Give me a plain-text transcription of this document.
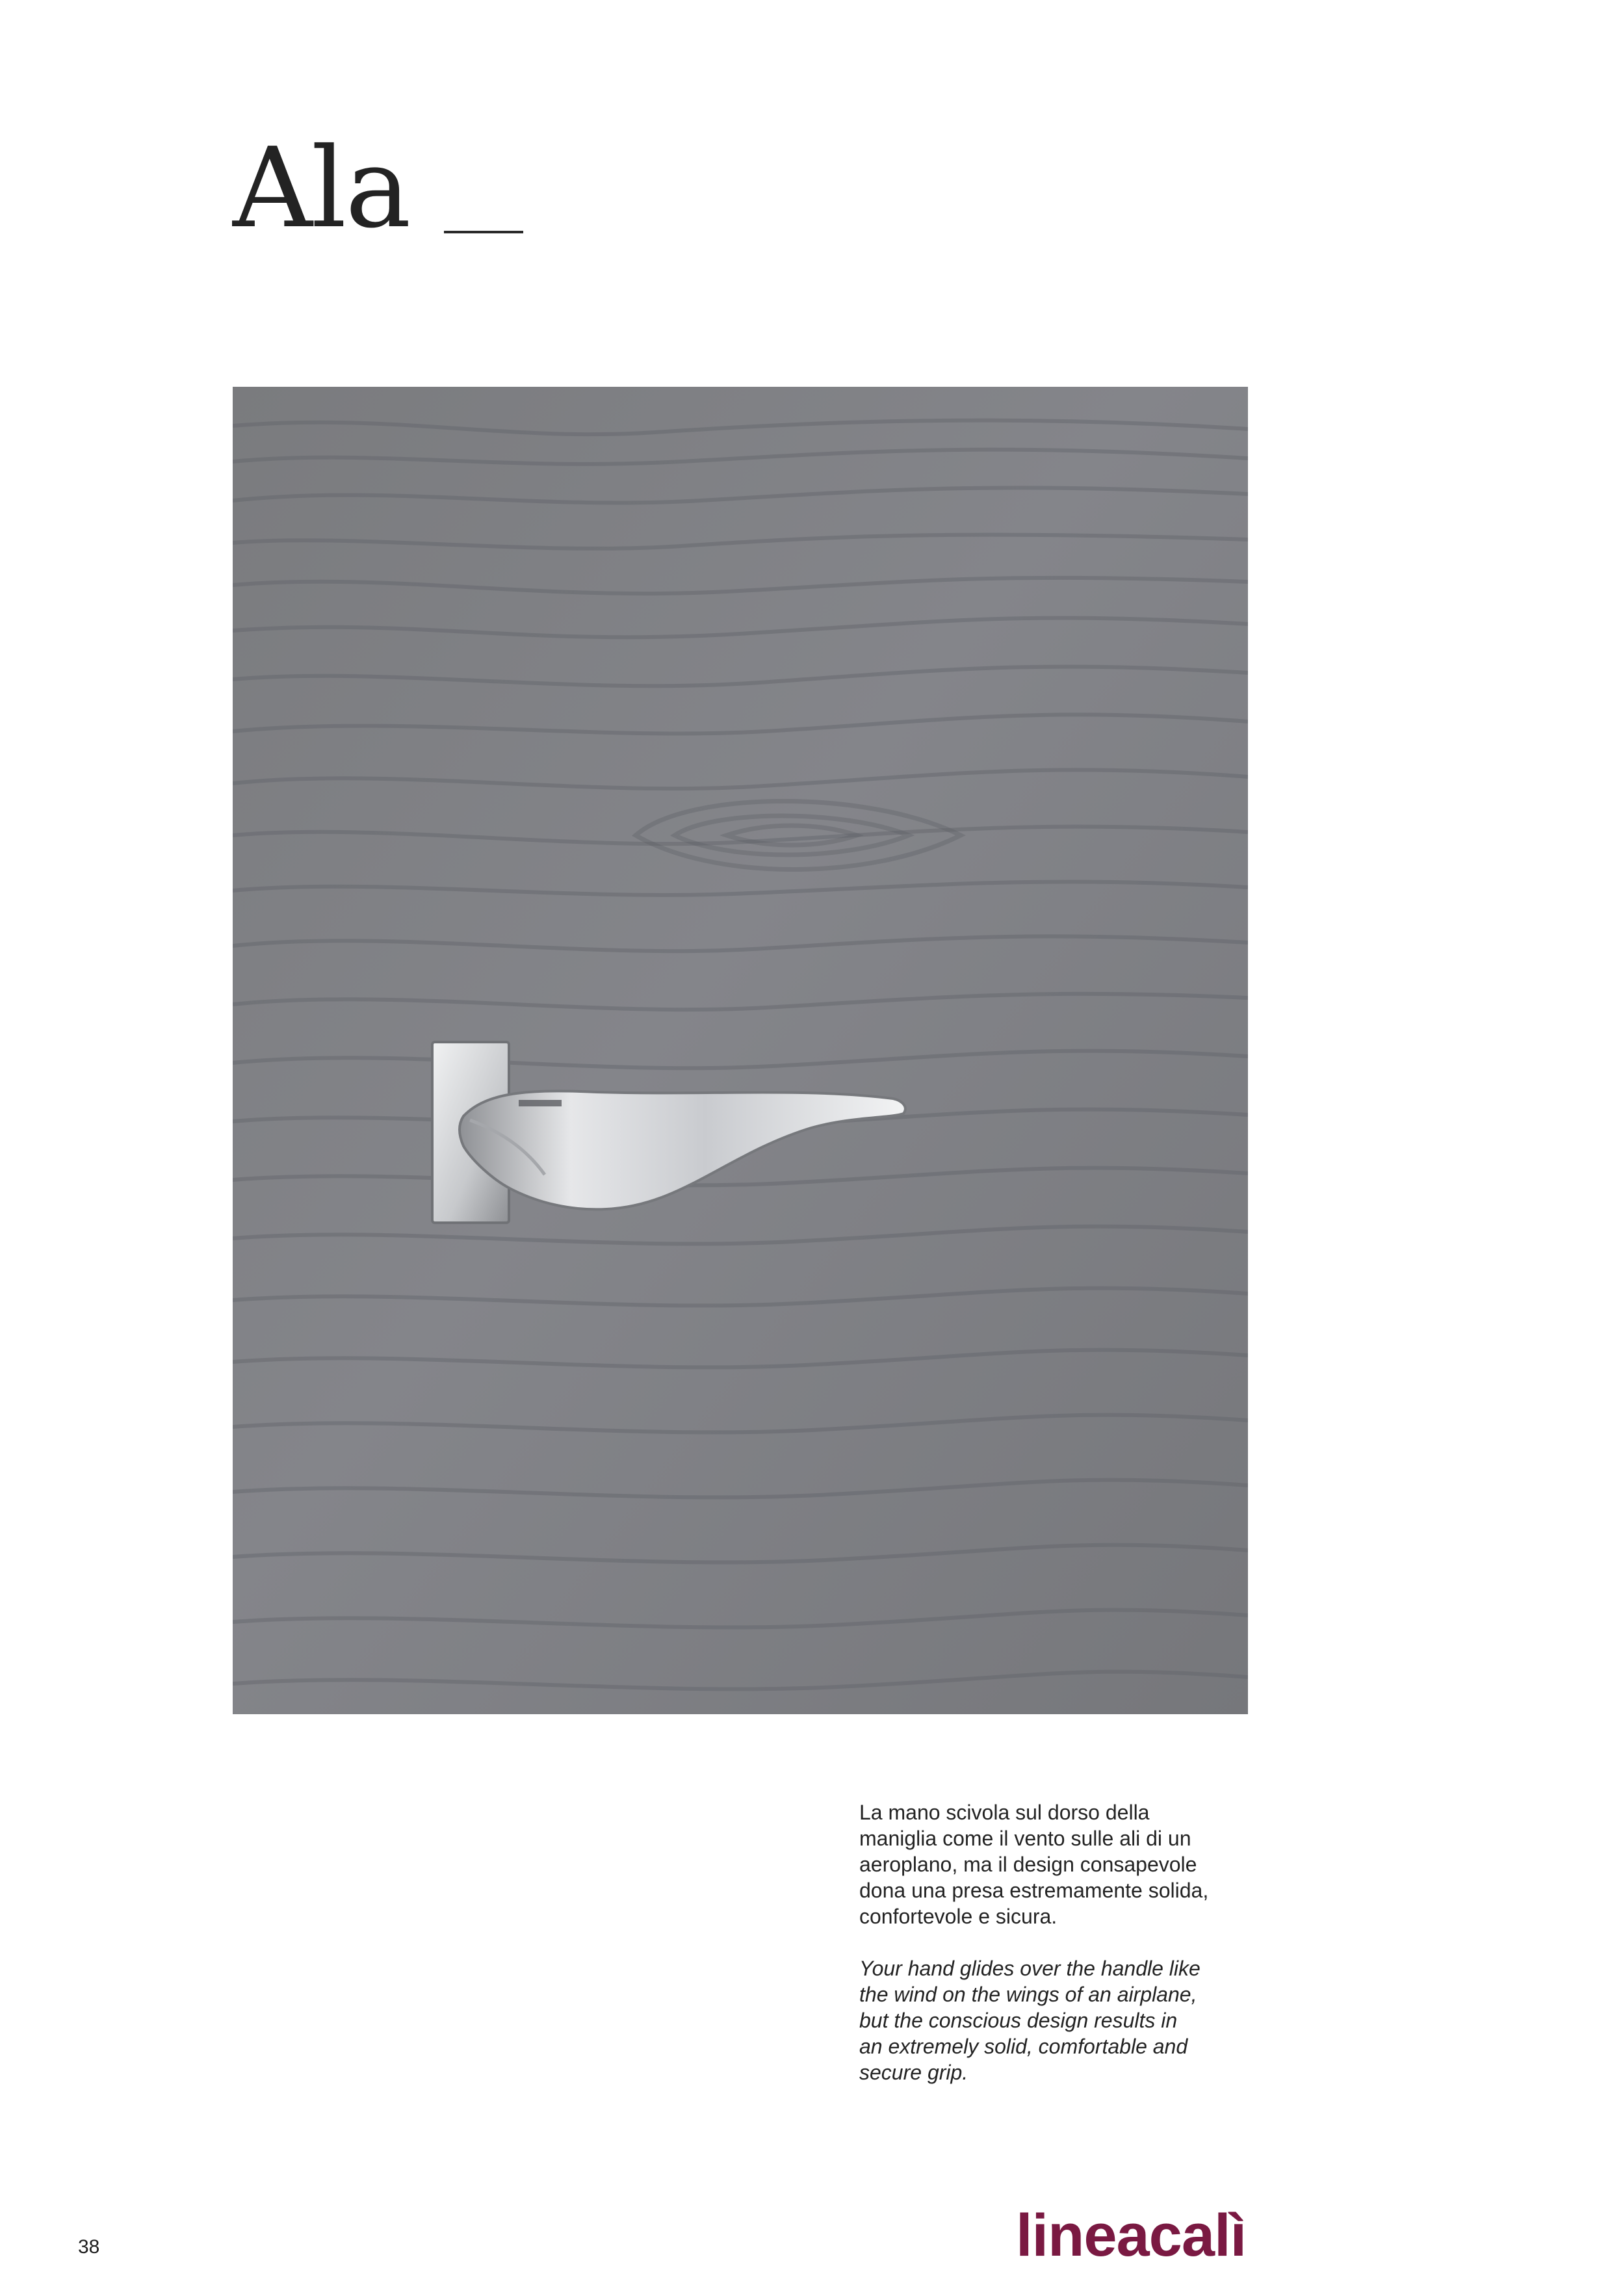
Ala

La mano scivola sul dorso della
maniglia come il vento sulle ali di un
aeroplano, ma il design consapevole
dona una presa estremamente solida,
confortevole e sicura.

Your hand glides over the handle like
the wind on the wings of an airplane,
but the conscious design results in
an extremely solid, comfortable and
secure grip.

38	lineacalì
